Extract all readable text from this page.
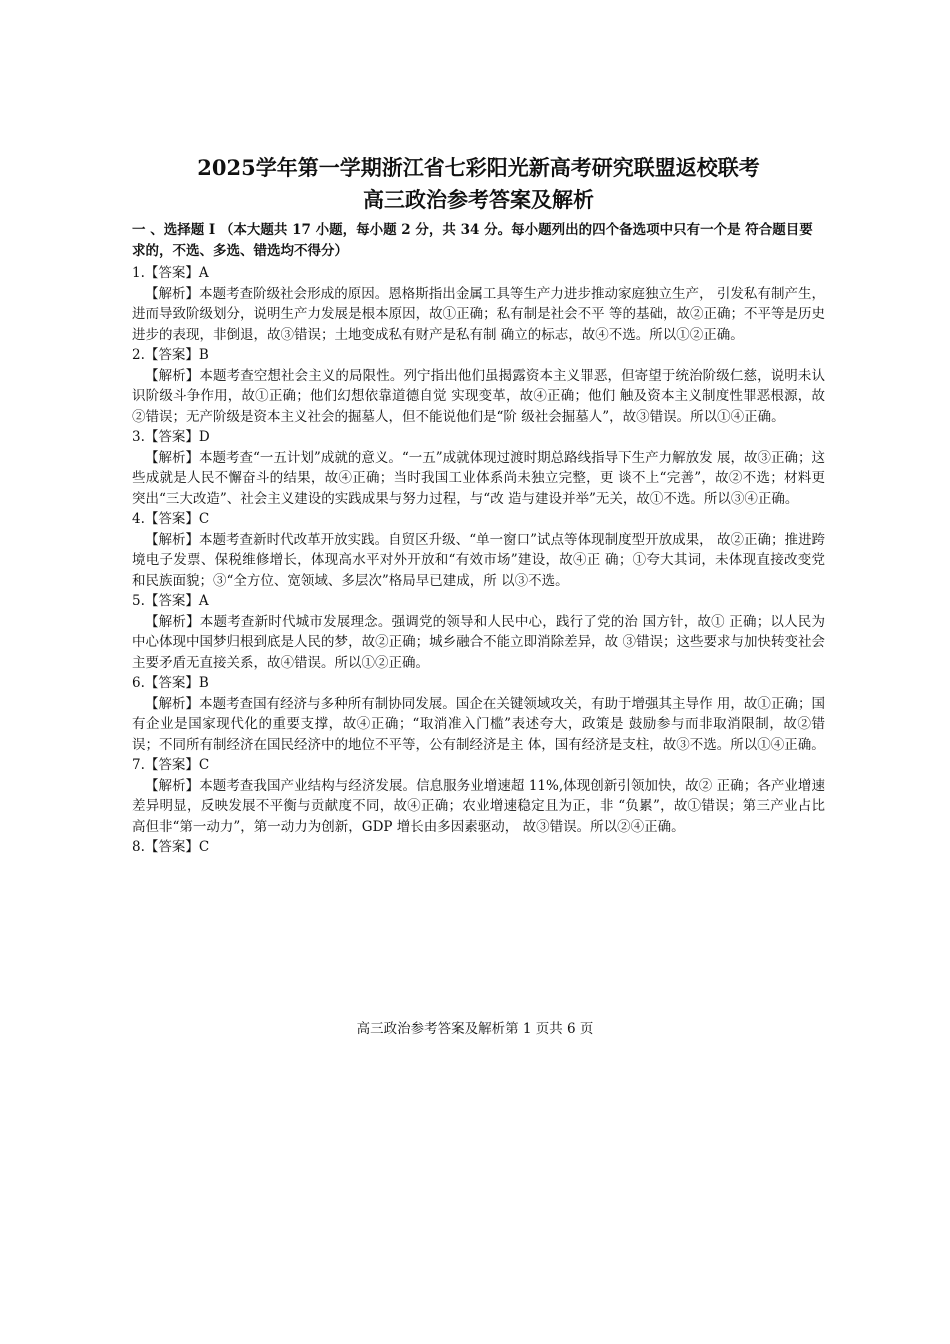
2025学年第一学期浙江省七彩阳光新高考研究联盟返校联考
高三政治参考答案及解析
一 、选择题 I （本大题共 17 小题，每小题 2 分，共 34 分。每小题列出的四个备选项中只有一个是 符合题目要求的，不选、多选、错选均不得分）
1.【答案】A
【解析】本题考查阶级社会形成的原因。恩格斯指出金属工具等生产力进步推动家庭独立生产， 引发私有制产生，进而导致阶级划分，说明生产力发展是根本原因，故①正确；私有制是社会不平 等的基础，故②正确；不平等是历史进步的表现，非倒退，故③错误；土地变成私有财产是私有制 确立的标志，故④不选。所以①②正确。
2.【答案】B
【解析】本题考查空想社会主义的局限性。列宁指出他们虽揭露资本主义罪恶，但寄望于统治阶级仁慈，说明未认识阶级斗争作用，故①正确；他们幻想依靠道德自觉 实现变革，故④正确；他们 触及资本主义制度性罪恶根源，故②错误；无产阶级是资本主义社会的掘墓人，但不能说他们是“阶 级社会掘墓人”，故③错误。所以①④正确。
3.【答案】D
【解析】本题考查“一五计划”成就的意义。“一五”成就体现过渡时期总路线指导下生产力解放发 展，故③正确；这些成就是人民不懈奋斗的结果，故④正确；当时我国工业体系尚未独立完整，更 谈不上“完善”，故②不选；材料更突出“三大改造”、社会主义建设的实践成果与努力过程，与“改 造与建设并举”无关，故①不选。所以③④正确。
4.【答案】C
【解析】本题考查新时代改革开放实践。自贸区升级、“单一窗口”试点等体现制度型开放成果， 故②正确；推进跨境电子发票、保税维修增长，体现高水平对外开放和“有效市场”建设，故④正 确；①夸大其词，未体现直接改变党和民族面貌；③“全方位、宽领域、多层次”格局早已建成，所 以③不选。
5.【答案】A
【解析】本题考查新时代城市发展理念。强调党的领导和人民中心，践行了党的治 国方针，故① 正确；以人民为中心体现中国梦归根到底是人民的梦，故②正确；城乡融合不能立即消除差异，故 ③错误；这些要求与加快转变社会主要矛盾无直接关系，故④错误。所以①②正确。
6.【答案】B
【解析】本题考查国有经济与多种所有制协同发展。国企在关键领域攻关，有助于增强其主导作 用，故①正确；国有企业是国家现代化的重要支撑，故④正确；“取消准入门槛”表述夸大，政策是 鼓励参与而非取消限制，故②错误；不同所有制经济在国民经济中的地位不平等，公有制经济是主 体，国有经济是支柱，故③不选。所以①④正确。
7.【答案】C
【解析】本题考查我国产业结构与经济发展。信息服务业增速超 11%,体现创新引领加快，故② 正确；各产业增速差异明显，反映发展不平衡与贡献度不同，故④正确；农业增速稳定且为正，非 “负累”，故①错误；第三产业占比高但非“第一动力”，第一动力为创新，GDP 增长由多因素驱动， 故③错误。所以②④正确。
8.【答案】C
高三政治参考答案及解析第 1 页共 6 页
